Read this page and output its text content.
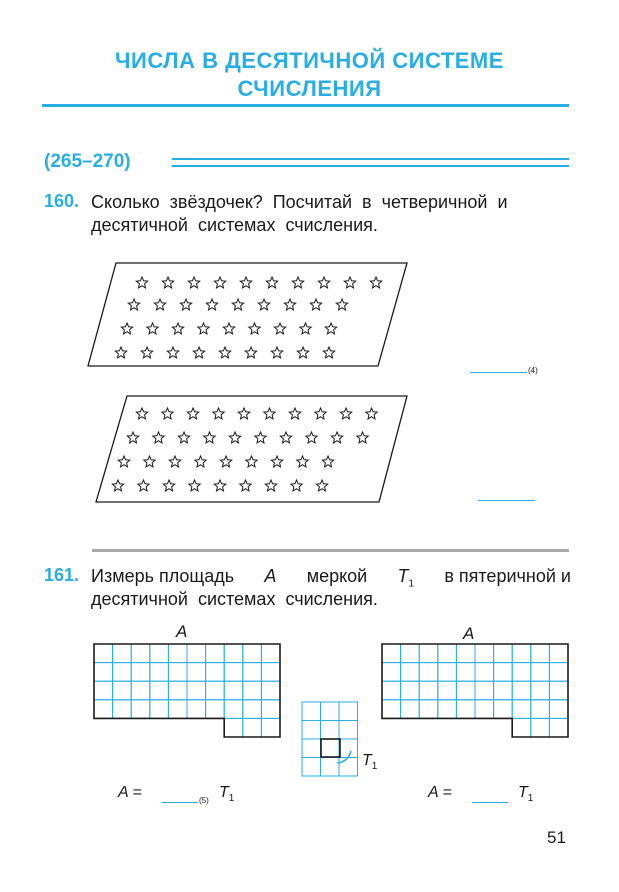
ЧИСЛА В ДЕСЯТИЧНОЙ СИСТЕМЕ
СЧИСЛЕНИЯ
(265–270)
160. Сколько звёздочек? Посчитай в четверичной и
десятичной системах счисления.
(4)
161. Измерь площадь A меркой $T_1$ в пятеричной и
десятичной системах счисления.
A	A
$T_1$
A =	(5) $T_1$	A =	$T_1$
51
